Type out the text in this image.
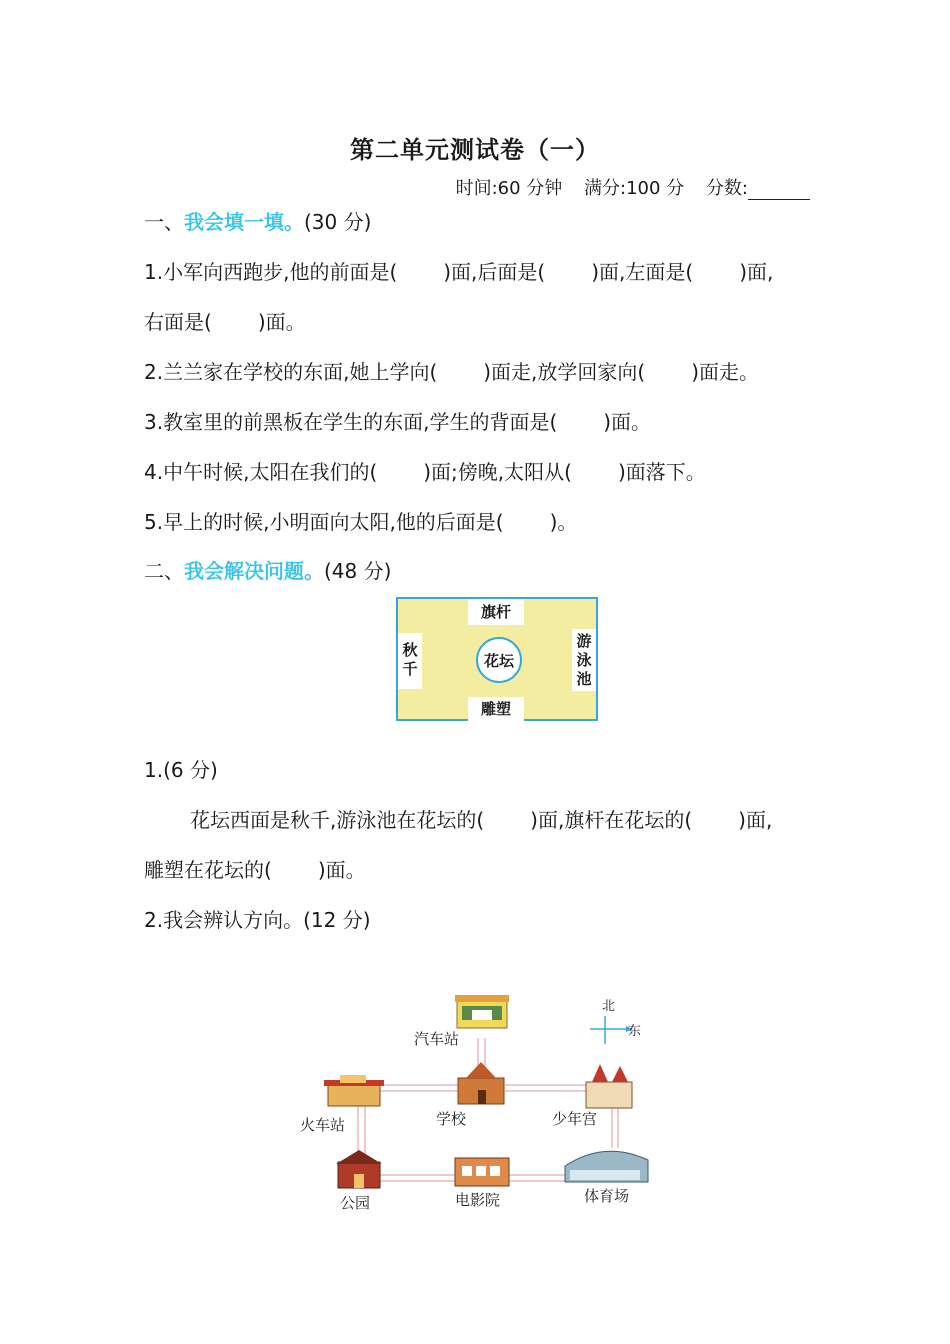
第二单元测试卷（一）
时间:60 分钟 满分:100 分 分数:
一、我会填一填。(30 分)
1.小军向西跑步,他的前面是( )面,后面是( )面,左面是( )面,
右面是( )面。
2.兰兰家在学校的东面,她上学向( )面走,放学回家向( )面走。
3.教室里的前黑板在学生的东面,学生的背面是( )面。
4.中午时候,太阳在我们的( )面;傍晚,太阳从( )面落下。
5.早上的时候,小明面向太阳,他的后面是( )。
二、我会解决问题。(48 分)
旗杆
秋千	花坛
游泳池
雕塑
1.(6 分)
花坛西面是秋千,游泳池在花坛的( )面,旗杆在花坛的( )面,
雕塑在花坛的( )面。
2.我会辨认方向。(12 分)
北
东
汽车站
火车站	学校	少年宫
公园	电影院	体育场
